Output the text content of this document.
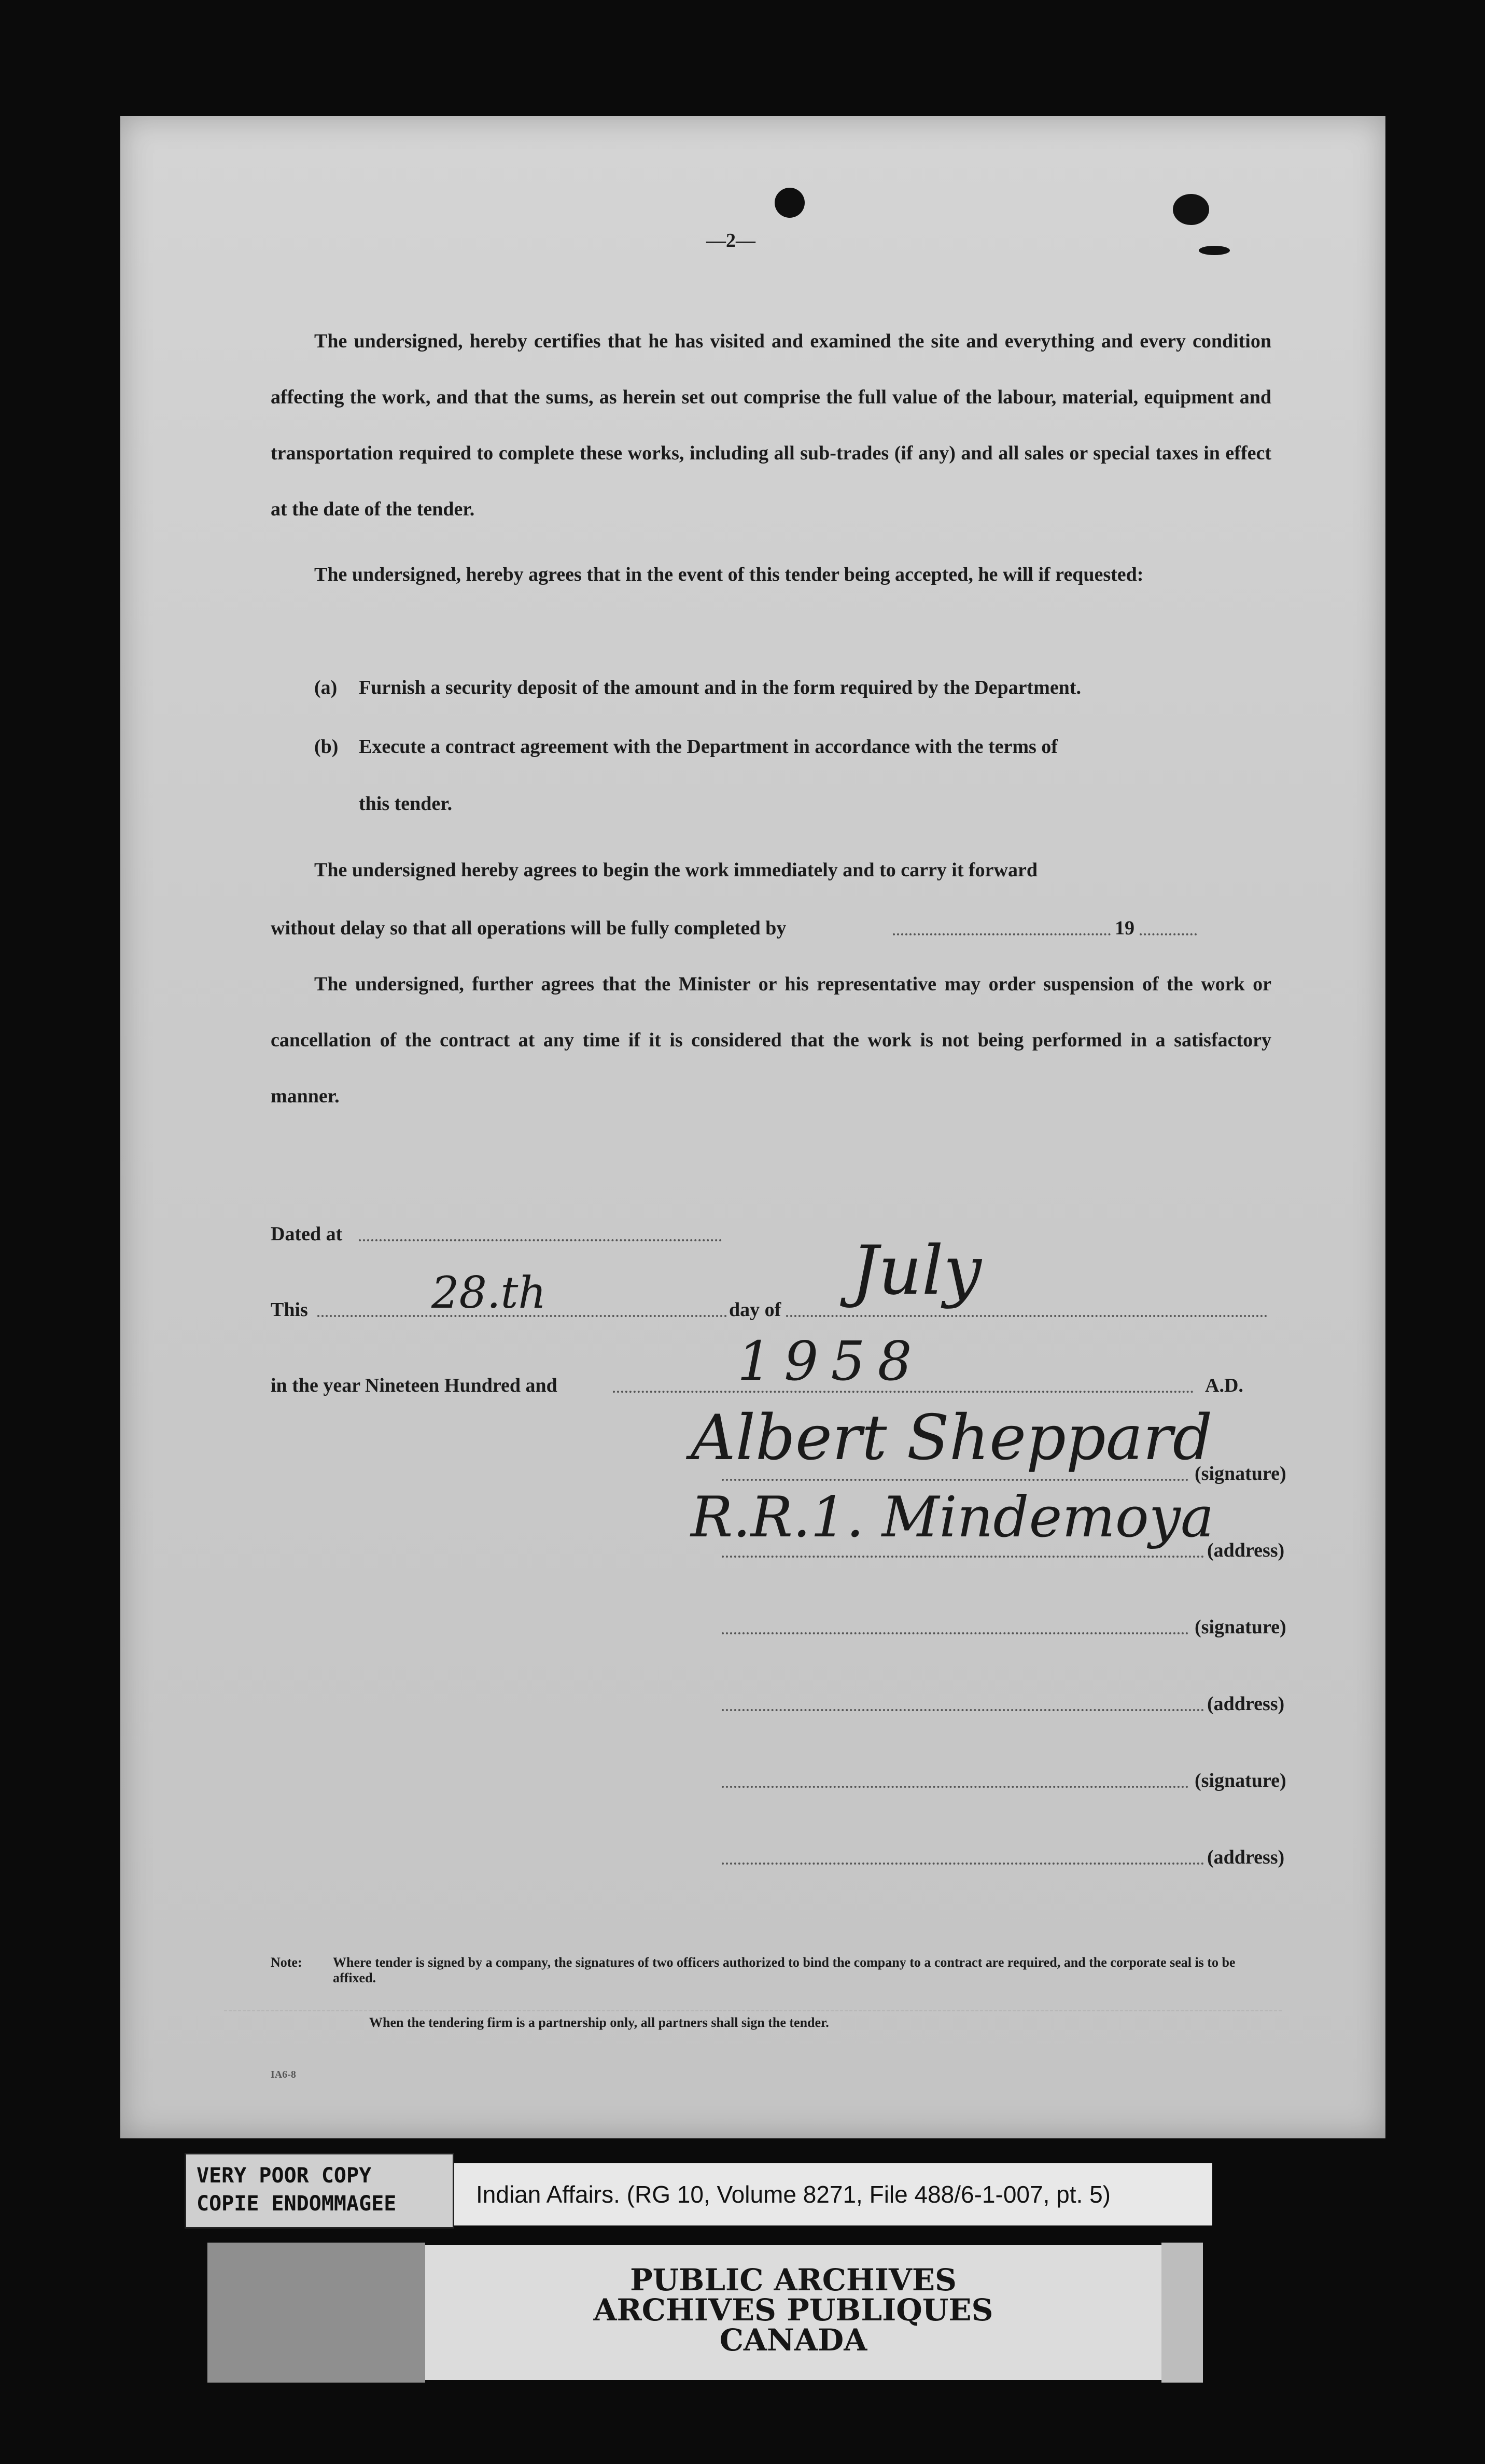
—2—

The undersigned, hereby certifies that he has visited and examined the site and everything and every condition affecting the work, and that the sums, as herein set out comprise the full value of the labour, material, equipment and transportation required to complete these works, including all sub-trades (if any) and all sales or special taxes in effect at the date of the tender.

The undersigned, hereby agrees that in the event of this tender being accepted, he will if requested:

(a) Furnish a security deposit of the amount and in the form required by the Department.
(b) Execute a contract agreement with the Department in accordance with the terms of
this tender.
The undersigned hereby agrees to begin the work immediately and to carry it forward
without delay so that all operations will be fully completed by	19

The undersigned, further agrees that the Minister or his representative may order suspension of the work or cancellation of the contract at any time if it is considered that the work is not being performed in a satisfactory manner.

Dated at
This	28.th	day of July
in the year Nineteen Hundred and	1958	A.D.
Albert Sheppard
(signature)
R.R.1. Mindemoya
(address)
(signature)
(address)
(signature)
(address)
Note: Where tender is signed by a company, the signatures of two officers authorized to bind the company to a contract are required, and the corporate seal is to be affixed.
When the tendering firm is a partnership only, all partners shall sign the tender.
IA6-8
Indian Affairs. (RG 10, Volume 8271, File 488/6-1-007, pt. 5)
VERY POOR COPY
COPIE ENDOMMAGEE
PUBLIC ARCHIVES
ARCHIVES PUBLIQUES
CANADA
